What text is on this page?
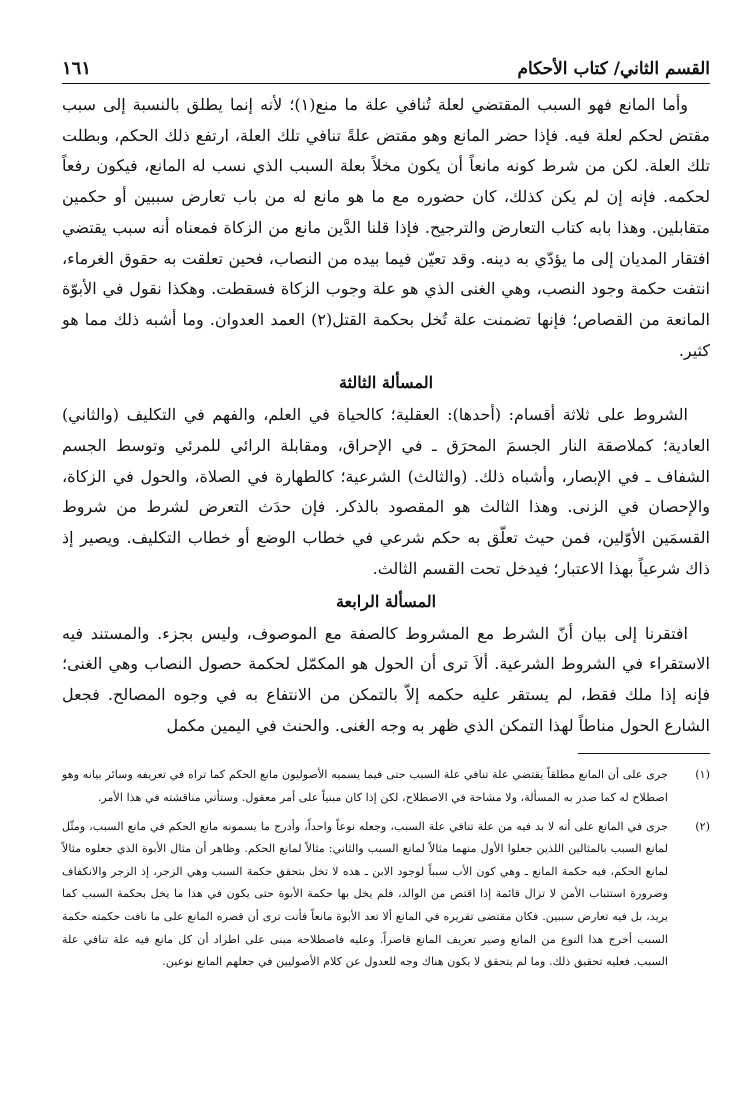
القسم الثاني/ كتاب الأحكام
١٦١

وأما المانع فهو السبب المقتضي لعلة تُنافي علة ما منع(١)؛ لأنه إنما يطلق بالنسبة إلى سبب مقتض لحكم لعلة فيه. فإذا حضر المانع وهو مقتض علةً تنافي تلك العلة، ارتفع ذلك الحكم، وبطلت تلك العلة. لكن من شرط كونه مانعاً أن يكون مخلاً بعلة السبب الذي نسب له المانع، فيكون رفعاً لحكمه. فإنه إن لم يكن كذلك، كان حضوره مع ما هو مانع له من باب تعارض سببين أو حكمين متقابلين. وهذا بابه كتاب التعارض والترجيح. فإذا قلنا الدَّين مانع من الزكاة فمعناه أنه سبب يقتضي افتقار المديان إلى ما يؤدّي به دينه. وقد تعيّن فيما بيده من النصاب، فحين تعلقت به حقوق الغرماء، انتفت حكمة وجود النصب، وهي الغنى الذي هو علة وجوب الزكاة فسقطت. وهكذا نقول في الأبوّة المانعة من القصاص؛ فإنها تضمنت علة تُخل بحكمة القتل(٢) العمد العدوان. وما أشبه ذلك مما هو كثير.

المسألة الثالثة

الشروط على ثلاثة أقسام: (أحدها): العقلية؛ كالحياة في العلم، والفهم في التكليف (والثاني) العادية؛ كملاصقة النار الجسمَ المحرَق ـ في الإحراق، ومقابلة الرائي للمرئي وتوسط الجسم الشفاف ـ في الإبصار، وأشباه ذلك. (والثالث) الشرعية؛ كالطهارة في الصلاة، والحول في الزكاة، والإحصان في الزنى. وهذا الثالث هو المقصود بالذكر. فإن حدَث التعرض لشرط من شروط القسمَين الأوّلين، فمن حيث تعلّق به حكم شرعي في خطاب الوضع أو خطاب التكليف. ويصير إذ ذاك شرعياً بهذا الاعتبار؛ فيدخل تحت القسم الثالث.

المسألة الرابعة

افتقرنا إلى بيان أنّ الشرط مع المشروط كالصفة مع الموصوف، وليس بجزء. والمستند فيه الاستقراء في الشروط الشرعية. ألاَ ترى أن الحول هو المكمّل لحكمة حصول النصاب وهي الغنى؛ فإنه إذا ملك فقط، لم يستقر عليه حكمه إلاّ بالتمكن من الانتفاع به في وجوه المصالح. فجعل الشارع الحول مناطاً لهذا التمكن الذي ظهر به وجه الغنى. والحنث في اليمين مكمل

(١)
جرى على أن المانع مطلقاً يقتضي علة تنافي علة السبب حتى فيما يسميه الأصوليون مانع الحكم كما تراه في تعريفه وسائر بيانه وهو اصطلاح له كما صدر به المسألة، ولا مشاحة في الاصطلاح، لكن إذا كان مبنياً على أمر معقول. وستأتي مناقشته في هذا الأمر.
(٢)
جرى في المانع على أنه لا بد فيه من علة تنافي علة السبب، وجعله نوعاً واحداً، وأدرج ما يسمونه مانع الحكم في مانع السبب، ومثّل لمانع السبب بالمثالين اللذين جعلوا الأول منهما مثالاً لمانع السبب والثاني: مثالاً لمانع الحكم. وظاهر أن مثال الأبوة الذي جعلوه مثالاً لمانع الحكم، فيه حكمة المانع ـ وهي كون الأب سبباً لوجود الابن ـ هذه لا تخل بتحقق حكمة السبب وهي الزجر، إذ الزجر والانكفاف وضرورة استتباب الأمن لا تزال قائمة إذا اقتص من الوالد، فلم يخل بها حكمة الأبوة حتى يكون في هذا ما يخل بحكمة السبب كما يريد، بل فيه تعارض سببين. فكان مقتضى تقريره في المانع ألا تعد الأبوة مانعاً فأنت ترى أن قصره المانع على ما نافت حكمته حكمة السبب أخرج هذا النوع من المانع وصير تعريف المانع قاصراً. وعليه فاصطلاحه مبنى على اطراد أن كل مانع فيه علة تنافي علة السبب. فعليه تحقيق ذلك. وما لم يتحقق لا يكون هناك وجه للعدول عن كلام الأصوليين في جعلهم المانع نوعين.
